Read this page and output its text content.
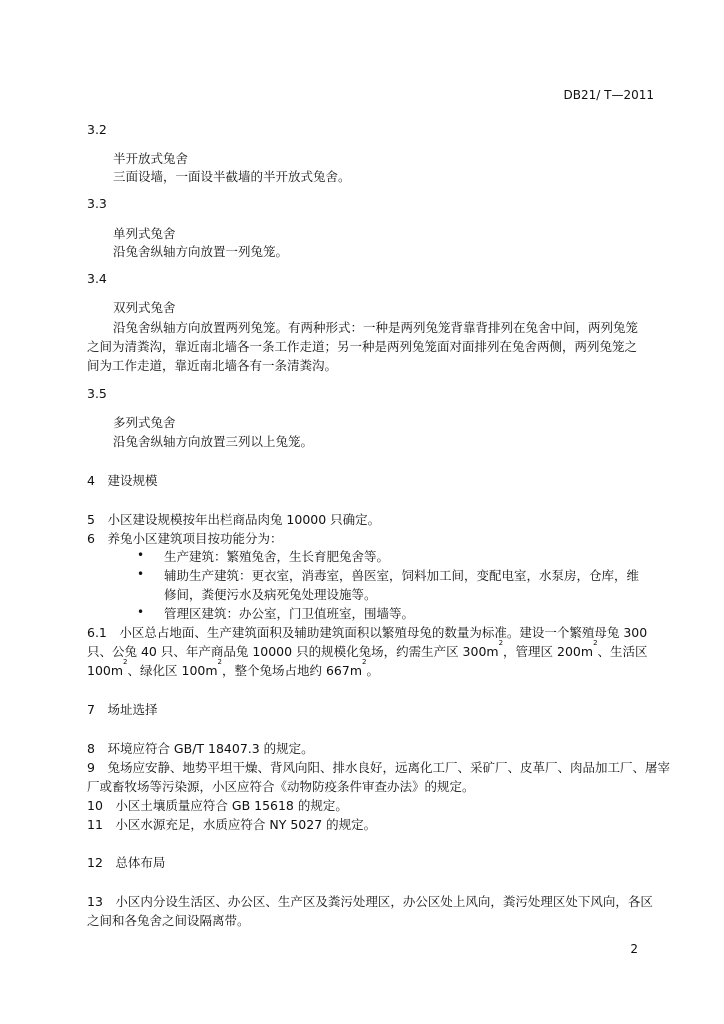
DB21/ T—2011
3.2
半开放式兔舍
三面设墙，一面设半截墙的半开放式兔舍。
3.3
单列式兔舍
沿兔舍纵轴方向放置一列兔笼。
3.4
双列式兔舍
沿兔舍纵轴方向放置两列兔笼。有两种形式：一种是两列兔笼背靠背排列在兔舍中间，两列兔笼
之间为清粪沟，靠近南北墙各一条工作走道；另一种是两列兔笼面对面排列在兔舍两侧，两列兔笼之
间为工作走道，靠近南北墙各有一条清粪沟。
3.5
多列式兔舍
沿兔舍纵轴方向放置三列以上兔笼。
4　建设规模
5　小区建设规模按年出栏商品肉兔 10000 只确定。
6　养兔小区建筑项目按功能分为：
• 生产建筑：繁殖兔舍，生长育肥兔舍等。
• 辅助生产建筑：更衣室，消毒室，兽医室，饲料加工间，变配电室，水泵房，仓库，维
修间，粪便污水及病死兔处理设施等。
• 管理区建筑：办公室，门卫值班室，围墙等。
6.1　小区总占地面、生产建筑面积及辅助建筑面积以繁殖母兔的数量为标准。建设一个繁殖母兔 300
只、公兔 40 只、年产商品兔 10000 只的规模化兔场，约需生产区 $300m^2$，管理区 $200m^2$、生活区
$100m^2$、绿化区 $100m^2$，整个兔场占地约 $667m^2$。
7　场址选择
8　环境应符合 GB/T 18407.3 的规定。
9　兔场应安静、地势平坦干燥、背风向阳、排水良好，远离化工厂、采矿厂、皮革厂、肉品加工厂、屠宰
厂或畜牧场等污染源，小区应符合《动物防疫条件审查办法》的规定。
10　小区土壤质量应符合 GB 15618 的规定。
11　小区水源充足，水质应符合 NY 5027 的规定。
12　总体布局
13　小区内分设生活区、办公区、生产区及粪污处理区，办公区处上风向，粪污处理区处下风向，各区
之间和各兔舍之间设隔离带。
2
